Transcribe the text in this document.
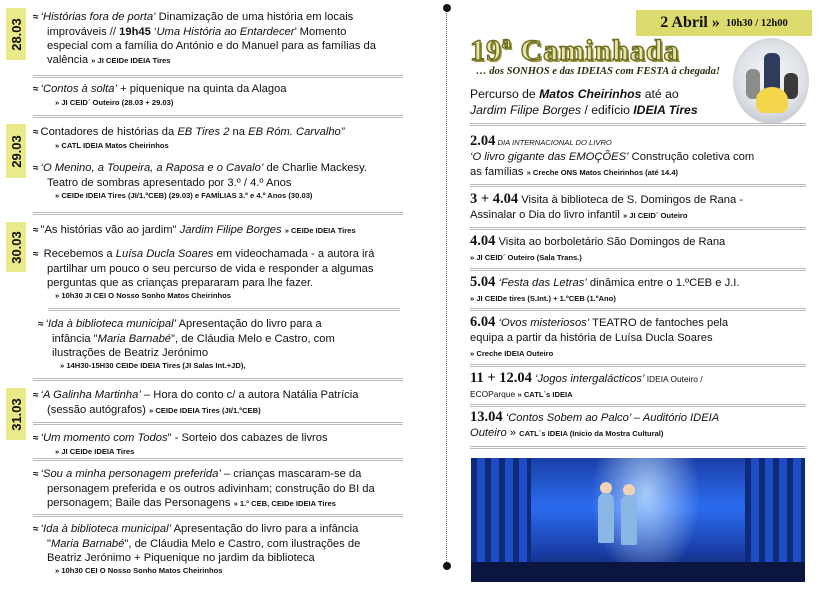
28.03
29.03
30.03
31.03
≈ ‘Histórias fora de porta’ Dinamização de uma história em locais
improváveis // 19h45 ‘Uma História ao Entardecer’ Momento
especial com a família do António e do Manuel para as famílias da
valência » JI CEIDe IDEIA Tires
≈ ‘Contos à solta’ + piquenique na quinta da Alagoa
» JI CEID´ Outeiro (28.03 + 29.03)
≈ Contadores de histórias da EB Tires 2 na EB Róm. Carvalho”
» CATL IDEIA Matos Cheirinhos
≈ ‘O Menino, a Toupeira, a Raposa e o Cavalo’ de Charlie Mackesy.
Teatro de sombras apresentado por 3.º / 4.º Anos
» CEIDe IDEIA Tires (JI/1.ºCEB) (29.03) e FAMÍLIAS 3.º e 4.º Anos (30.03)
≈ "As histórias vão ao jardim" Jardim Filipe Borges » CEIDe IDEIA Tires
≈ Recebemos a Luísa Ducla Soares em videochamada - a autora irá
partilhar um pouco o seu percurso de vida e responder a algumas
perguntas que as crianças prepararam para lhe fazer.
» 10h30 JI CEI O Nosso Sonho Matos Cheirinhos
≈ ‘Ida à biblioteca municipal’ Apresentação do livro para a
infância "Maria Barnabé", de Cláudia Melo e Castro, com
ilustrações de Beatriz Jerónimo
» 14H30-15H30 CEIDe IDEIA Tires (JI Salas Int.+JD),
≈ ‘A Galinha Martinha’ – Hora do conto c/ a autora Natália Patrícia
(sessão autógrafos) » CEIDe IDEIA Tires (JI/1.ºCEB)
≈ ‘Um momento com Todos" - Sorteio dos cabazes de livros
» JI CEIDe IDEIA Tires
≈ ‘Sou a minha personagem preferida’ – crianças mascaram-se da
personagem preferida e os outros adivinham; construção do BI da
personagem; Baile das Personagens » 1.º CEB, CEIDe IDEIA Tires
≈ ‘Ida à biblioteca municipal’ Apresentação do livro para a infância
"Maria Barnabé", de Cláudia Melo e Castro, com ilustrações de
Beatriz Jerónimo + Piquenique no jardim da biblioteca
» 10h30 CEI O Nosso Sonho Matos Cheirinhos
2 Abril » 10h30 / 12h00
19ª Caminhada
… dos SONHOS e das IDEIAS com FESTA à chegada!
Percurso de Matos Cheirinhos até ao
Jardim Filipe Borges / edifício IDEIA Tires
2.04 DIA INTERNACIONAL DO LIVRO
‘O livro gigante das EMOÇÕES’ Construção coletiva com
as famílias » Creche ONS Matos Cheirinhos (até 14.4)
3 + 4.04 Visita à biblioteca de S. Domingos de Rana -
Assinalar o Dia do livro infantil » JI CEID´ Outeiro
4.04 Visita ao borboletário São Domingos de Rana
» JI CEID´ Outeiro (Sala Trans.)
5.04 ‘Festa das Letras’ dinâmica entre o 1.ºCEB e J.I.
» JI CEIDe tires (S.Int.) + 1.ºCEB (1.ºAno)
6.04 ‘Ovos misteriosos’ TEATRO de fantoches pela
equipa a partir da história de Luísa Ducla Soares
» Creche IDEIA Outeiro
11 + 12.04 ‘Jogos intergalácticos’ IDEIA Outeiro /
ECOParque » CATL`s IDEIA
13.04 ‘Contos Sobem ao Palco’ – Auditório IDEIA
Outeiro » CATL`s IDEIA (Início da Mostra Cultural)
